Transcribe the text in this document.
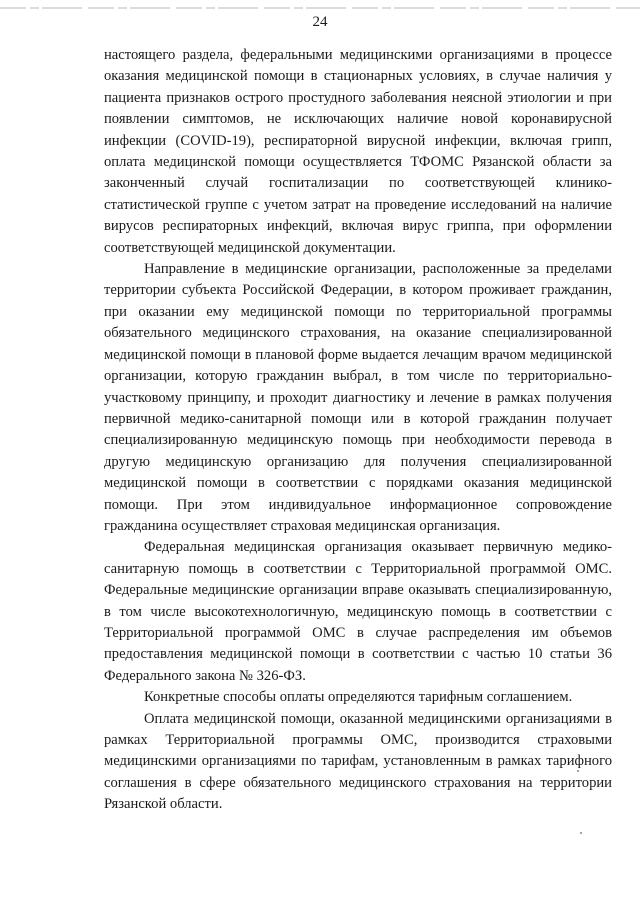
24

настоящего раздела, федеральными медицинскими организациями в процессе оказания медицинской помощи в стационарных условиях, в случае наличия у пациента признаков острого простудного заболевания неясной этиологии и при появлении симптомов, не исключающих наличие новой коронавирусной инфекции (COVID-19), респираторной вирусной инфекции, включая грипп, оплата медицинской помощи осуществляется ТФОМС Рязанской области за законченный случай госпитализации по соответствующей клинико-статистической группе с учетом затрат на проведение исследований на наличие вирусов респираторных инфекций, включая вирус гриппа, при оформлении соответствующей медицинской документации.

Направление в медицинские организации, расположенные за пределами территории субъекта Российской Федерации, в котором проживает гражданин, при оказании ему медицинской помощи по территориальной программы обязательного медицинского страхования, на оказание специализированной медицинской помощи в плановой форме выдается лечащим врачом медицинской организации, которую гражданин выбрал, в том числе по территориально-участковому принципу, и проходит диагностику и лечение в рамках получения первичной медико-санитарной помощи или в которой гражданин получает специализированную медицинскую помощь при необходимости перевода в другую медицинскую организацию для получения специализированной медицинской помощи в соответствии с порядками оказания медицинской помощи. При этом индивидуальное информационное сопровождение гражданина осуществляет страховая медицинская организация.

Федеральная медицинская организация оказывает первичную медико-санитарную помощь в соответствии с Территориальной программой ОМС. Федеральные медицинские организации вправе оказывать специализированную, в том числе высокотехнологичную, медицинскую помощь в соответствии с Территориальной программой ОМС в случае распределения им объемов предоставления медицинской помощи в соответствии с частью 10 статьи 36 Федерального закона № 326-ФЗ.

Конкретные способы оплаты определяются тарифным соглашением.

Оплата медицинской помощи, оказанной медицинскими организациями в рамках Территориальной программы ОМС, производится страховыми медицинскими организациями по тарифам, установленным в рамках тарифного соглашения в сфере обязательного медицинского страхования на территории Рязанской области.
